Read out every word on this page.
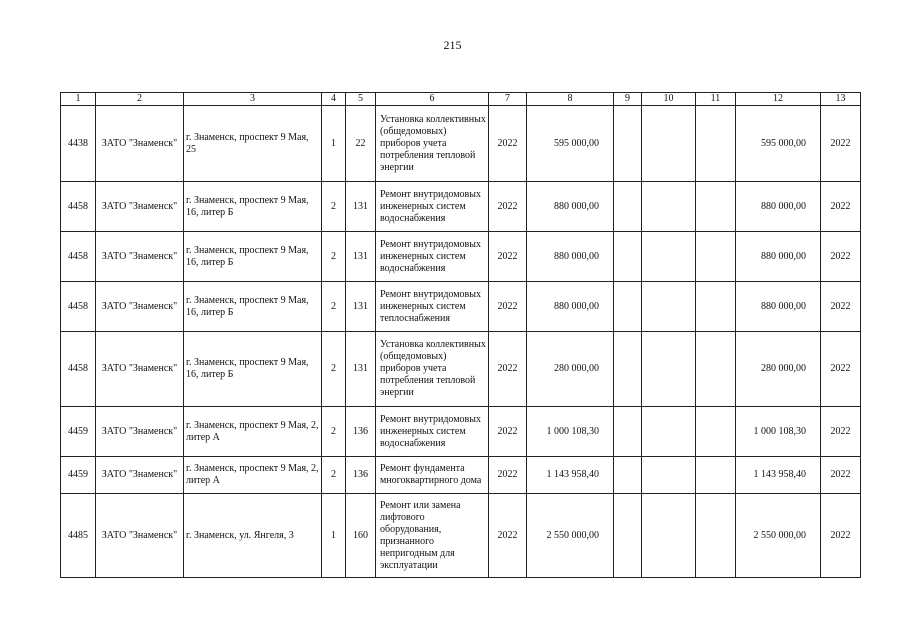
215
1	2	3	4	5	6	7	8	9	10	11	12	13
4438	ЗАТО "Знаменск"	г. Знаменск, проспект 9 Мая, 25	1	22	Установка коллективных (общедомовых) приборов учета потребления тепловой энергии	2022	595 000,00				595 000,00	2022
4458	ЗАТО "Знаменск"	г. Знаменск, проспект 9 Мая, 16, литер Б	2	131	Ремонт внутридомовых инженерных систем водоснабжения	2022	880 000,00				880 000,00	2022
4458	ЗАТО "Знаменск"	г. Знаменск, проспект 9 Мая, 16, литер Б	2	131	Ремонт внутридомовых инженерных систем водоснабжения	2022	880 000,00				880 000,00	2022
4458	ЗАТО "Знаменск"	г. Знаменск, проспект 9 Мая, 16, литер Б	2	131	Ремонт внутридомовых инженерных систем теплоснабжения	2022	880 000,00				880 000,00	2022
4458	ЗАТО "Знаменск"	г. Знаменск, проспект 9 Мая, 16, литер Б	2	131	Установка коллективных (общедомовых) приборов учета потребления тепловой энергии	2022	280 000,00				280 000,00	2022
4459	ЗАТО "Знаменск"	г. Знаменск, проспект 9 Мая, 2, литер А	2	136	Ремонт внутридомовых инженерных систем водоснабжения	2022	1 000 108,30				1 000 108,30	2022
4459	ЗАТО "Знаменск"	г. Знаменск, проспект 9 Мая, 2, литер А	2	136	Ремонт фундамента многоквартирного дома	2022	1 143 958,40				1 143 958,40	2022
4485	ЗАТО "Знаменск"	г. Знаменск, ул. Янгеля, 3	1	160	Ремонт или замена лифтового оборудования, признанного непригодным для эксплуатации	2022	2 550 000,00				2 550 000,00	2022
